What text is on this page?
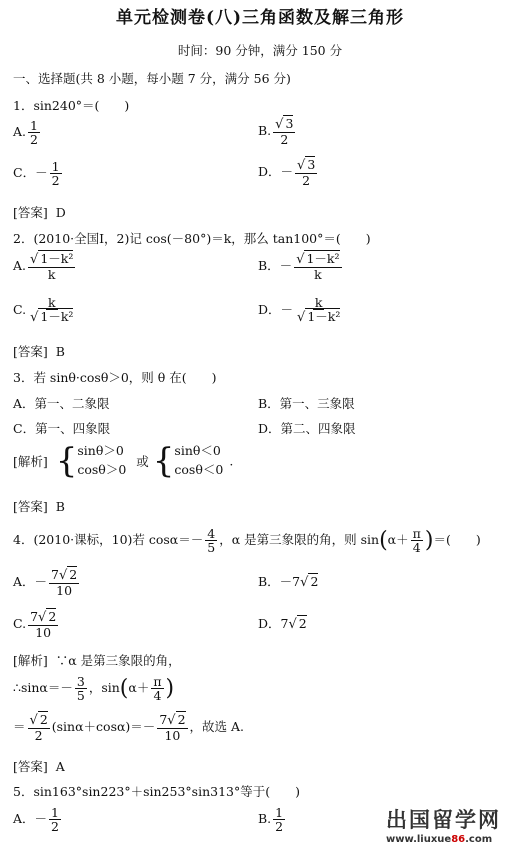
单元检测卷(八)三角函数及解三角形
时间：90 分钟，满分 150 分
一、选择题(共 8 小题，每小题 7 分，满分 56 分)
1．sin240°＝(　　)
A. $\frac{1}{2}$	B. $\frac{√ 3}{2}$
C．－ $\frac{1}{2}$	D．－ $\frac{√ 3}{2}$
[答案] D
2．(2010·全国Ⅰ，2)记 cos(－80°)＝k，那么 tan100°＝(　　)
A. $\frac{\text{√ 1－k²}}{k}$	B．－ $\frac{\text{√ 1－k²}}{k}$
C. $\frac{k}{\text{√ 1－k²}}$	D．－ $\frac{k}{\text{√ 1－k²}}$
[答案] B
3．若 sinθ·cosθ＞0，则 θ 在(　　)
A．第一、二象限	B．第一、三象限
C．第一、四象限	D．第二、四象限
[解析] { sinθ＞0
cosθ＞0
或 { sinθ＜0
cosθ＜0
.
[答案] B
4．(2010·课标，10)若 $\cos\alpha=- \frac{4}{5}$ ，α 是第三象限的角，则 $\sin(\alpha+ \frac{\pi}{4}$ )＝(　　)
A．－ $\frac{7√ 2}{10}$	B．－7√ 2
C. $\frac{7√ 2}{10}$	D．7√ 2
[解析] ∵α 是第三象限的角，
∴sinα＝－ $\frac{3}{5}$ ，$\sin(\alpha+ \frac{\pi}{4}$ )
＝ $\frac{√ 2}{2} (\sin\alpha+\cos\alpha)=- \frac{7√ 2}{10}$ ，故选 A.
[答案] A
5．sin163°sin223°＋sin253°sin313°等于(　　)
A．－ $\frac{1}{2}$	B. $\frac{1}{2}$	出国留学网
www.liuxue86.com
